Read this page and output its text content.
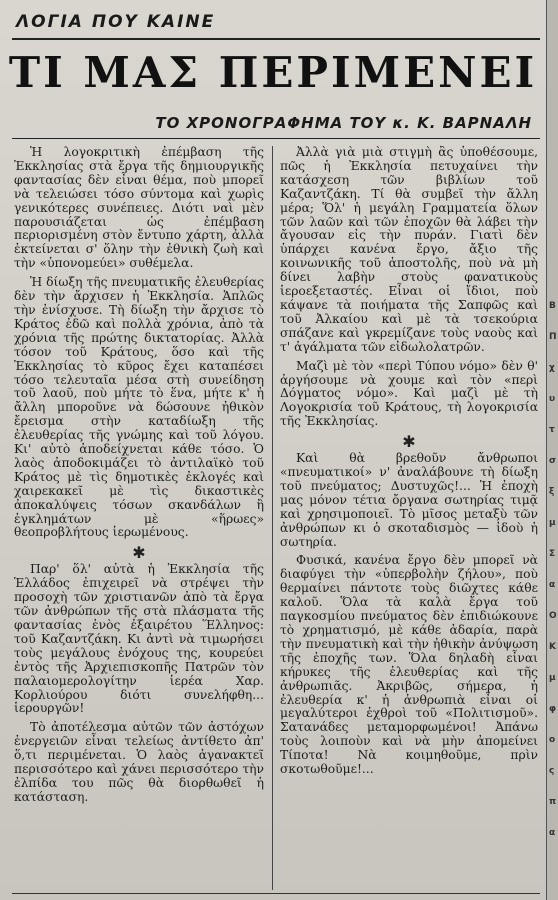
ΛΟΓΙΑ ΠΟΥ ΚΑΙΝΕ
ΤΙ ΜΑΣ ΠΕΡΙΜΕΝΕΙ
ΤΟ ΧΡΟΝΟΓΡΑΦΗΜΑ ΤΟΥ κ. Κ. ΒΑΡΝΑΛΗ

Ἡ λογοκριτικὴ ἐπέμβαση τῆς Ἐκκλησίας στὰ ἔργα τῆς δημιουργικῆς φαντασίας δὲν εἶναι θέμα, ποὺ μπορεῖ νὰ τελειώσει τόσο σύντομα καὶ χωρὶς γενικότερες συνέπειες. Διότι ναὶ μὲν παρουσιάζεται ὡς ἐπέμβαση περιορισμένη στὸν ἔντυπο χάρτη, ἀλλὰ ἐκτείνεται σ' ὅλην τὴν ἐθνικὴ ζωὴ καὶ τὴν «ὑπονομεύει» συθέμελα.

Ἡ δίωξη τῆς πνευματικῆς ἐλευθερίας δὲν τὴν ἄρχισεν ἡ Ἐκκλησία. Ἁπλῶς τὴν ἐνίσχυσε. Τὴ δίωξη τὴν ἄρχισε τὸ Κράτος ἐδῶ καὶ πολλὰ χρόνια, ἀπὸ τὰ χρόνια τῆς πρώτης δικτατορίας. Ἀλλὰ τόσον τοῦ Κράτους, ὅσο καὶ τῆς Ἐκκλησίας τὸ κῦρος ἔχει καταπέσει τόσο τελευταῖα μέσα στὴ συνείδηση τοῦ λαοῦ, ποὺ μήτε τὸ ἕνα, μήτε κ' ἡ ἄλλη μποροῦνε νὰ δώσουνε ἠθικὸν ἔρεισμα στὴν καταδίωξη τῆς ἐλευθερίας τῆς γνώμης καὶ τοῦ λόγου. Κι' αὐτὸ ἀποδείχνεται κάθε τόσο. Ὁ λαὸς ἀποδοκιμάζει τὸ ἀντιλαϊκὸ τοῦ Κράτος μὲ τὶς δημοτικὲς ἐκλογές καὶ χαιρεκακεῖ μὲ τὶς δικαστικὲς ἀποκαλύψεις τόσων σκανδάλων ἢ ἐγκλημάτων μὲ «ἥρωες» θεοπροβλήτους ἱερωμένους.

✱

Παρ' ὅλ' αὐτὰ ἡ Ἐκκλησία τῆς Ἑλλάδος ἐπιχειρεῖ νὰ στρέψει τὴν προσοχὴ τῶν χριστιανῶν ἀπὸ τὰ ἔργα τῶν ἀνθρώπων τῆς στὰ πλάσματα τῆς φαντασίας ἑνὸς ἐξαιρέτου Ἕλληνος: τοῦ Καζαντζάκη. Κι ἀντὶ νὰ τιμωρήσει τοὺς μεγάλους ἐνόχους της, κουρεύει ἐντὸς τῆς Ἀρχιεπισκοπῆς Πατρῶν τὸν παλαιομερολογίτην ἱερέα Χαρ. Κορλιούρου διότι συνελήφθη... ἱερουργῶν!

Τὸ ἀποτέλεσμα αὐτῶν τῶν ἀστόχων ἐνεργειῶν εἶναι τελείως ἀντίθετο ἀπ' ὅ,τι περιμένεται. Ὁ λαὸς ἀγανακτεῖ περισσότερο καὶ χάνει περισσότερο τὴν ἐλπίδα του πῶς θὰ διορθωθεῖ ἡ κατάσταση.

Ἀλλὰ γιὰ μιὰ στιγμὴ ἂς ὑποθέσουμε, πῶς ἡ Ἐκκλησία πετυχαίνει τὴν κατάσχεση τῶν βιβλίων τοῦ Καζαντζάκη. Τί θὰ συμβεῖ τὴν ἄλλη μέρα; Ὅλ' ἡ μεγάλη Γραμματεία ὅλων τῶν λαῶν καὶ τῶν ἐποχῶν θὰ λάβει τὴν ἄγουσαν εἰς τὴν πυράν. Γιατὶ δὲν ὑπάρχει κανένα ἔργο, ἄξιο τῆς κοινωνικῆς τοῦ ἀποστολῆς, ποὺ νὰ μὴ δίνει λαβὴν στοὺς φανατικοὺς ἱεροεξεταστές. Εἶναι οἱ ἴδιοι, ποὺ κάψανε τὰ ποιήματα τῆς Σαπφῶς καὶ τοῦ Ἀλκαίου καὶ μὲ τὰ τσεκούρια σπάζανε καὶ γκρεμίζανε τοὺς ναοὺς καὶ τ' ἀγάλματα τῶν εἰδωλολατρῶν.

Μαζὶ μὲ τὸν «περὶ Τύπου νόμο» δὲν θ' ἀργήσουμε νὰ χουμε καὶ τὸν «περὶ Δόγματος νόμο». Καὶ μαζὶ μὲ τὴ Λογοκρισία τοῦ Κράτους, τὴ λογοκρισία τῆς Ἐκκλησίας.

✱

Καὶ θὰ βρεθοῦν ἄνθρωποι «πνευματικοί» ν' ἀναλάβουνε τὴ δίωξη τοῦ πνεύματος; Δυστυχῶς!... Ἡ ἐποχὴ μας μόνον τέτια ὄργανα σωτηρίας τιμᾷ καὶ χρησιμοποιεῖ. Τὸ μῖσος μεταξὺ τῶν ἀνθρώπων κι ὁ σκοταδισμὸς — ἰδοὺ ἡ σωτηρία.

Φυσικά, κανένα ἔργο δὲν μπορεῖ νὰ διαφύγει τὴν «ὑπερβολὴν ζήλου», ποὺ θερμαίνει πάντοτε τοὺς διῶχτες κάθε καλοῦ. Ὅλα τὰ καλὰ ἔργα τοῦ παγκοσμίου πνεύματος δὲν ἐπιδιώκουνε τὸ χρηματισμό, μὲ κάθε ἀδαρία, παρὰ τὴν πνευματικὴ καὶ τὴν ἠθικὴν ἀνύψωση τῆς ἐποχῆς των. Ὅλα δηλαδὴ εἶναι κήρυκες τῆς ἐλευθερίας καὶ τῆς ἀνθρωπιᾶς. Ἀκριβῶς, σήμερα, ἡ ἐλευθερία κ' ἡ ἀνθρωπιὰ εἶναι οἱ μεγαλύτεροι ἐχθροὶ τοῦ «Πολιτισμοῦ». Σατανάδες μεταμορφωμένοι! Ἀπάνω τοὺς λοιποὺν καὶ νὰ μὴν ἀπομείνει Τίποτα! Νὰ κοιμηθοῦμε, πρὶν σκοτωθοῦμε!...

Β
Π
χ
υ
τ
σ
ξ
μ
Σ
α
Ο
Κ
μ
φ
ο
ς
π
α
